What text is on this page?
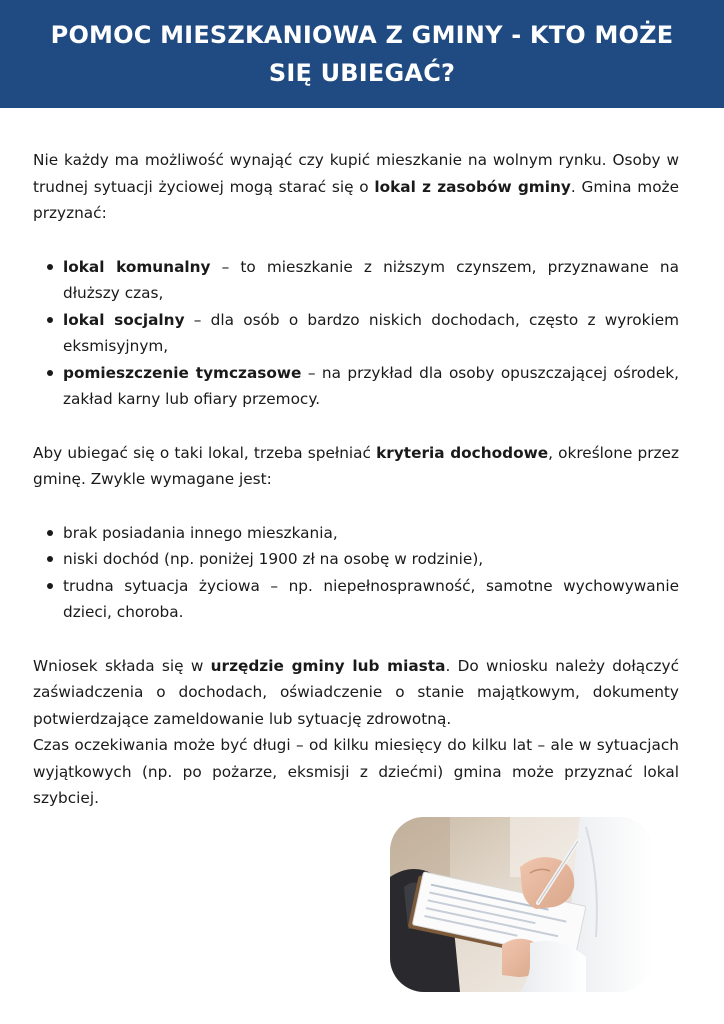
POMOC MIESZKANIOWA Z GMINY - KTO MOŻE SIĘ UBIEGAĆ?

Nie każdy ma możliwość wynająć czy kupić mieszkanie na wolnym rynku. Osoby w trudnej sytuacji życiowej mogą starać się o lokal z zasobów gminy. Gmina może przyznać:

lokal komunalny – to mieszkanie z niższym czynszem, przyznawane na dłuższy czas,
lokal socjalny – dla osób o bardzo niskich dochodach, często z wyrokiem eksmisyjnym,
pomieszczenie tymczasowe – na przykład dla osoby opuszczającej ośrodek, zakład karny lub ofiary przemocy.

Aby ubiegać się o taki lokal, trzeba spełniać kryteria dochodowe, określone przez gminę. Zwykle wymagane jest:

brak posiadania innego mieszkania,
niski dochód (np. poniżej 1900 zł na osobę w rodzinie),
trudna sytuacja życiowa – np. niepełnosprawność, samotne wychowywanie dzieci, choroba.

Wniosek składa się w urzędzie gminy lub miasta. Do wniosku należy dołączyć zaświadczenia o dochodach, oświadczenie o stanie majątkowym, dokumenty potwierdzające zameldowanie lub sytuację zdrowotną.

Czas oczekiwania może być długi – od kilku miesięcy do kilku lat – ale w sytuacjach wyjątkowych (np. po pożarze, eksmisji z dziećmi) gmina może przyznać lokal szybciej.
